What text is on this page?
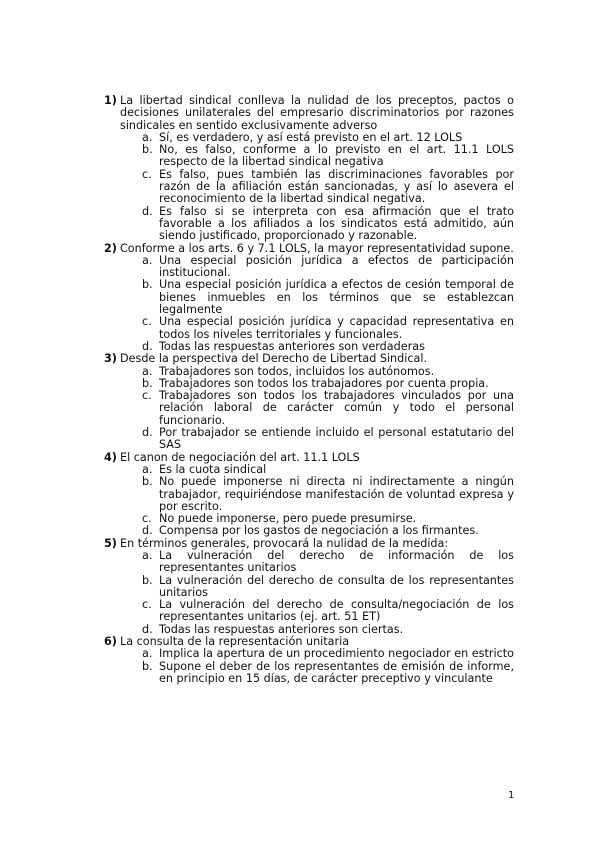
1) La libertad sindical conlleva la nulidad de los preceptos, pactos o decisiones unilaterales del empresario discriminatorios por razones sindicales en sentido exclusivamente adverso
a. Sí, es verdadero, y así está previsto en el art. 12 LOLS
b. No, es falso, conforme a lo previsto en el art. 11.1 LOLS respecto de la libertad sindical negativa
c. Es falso, pues también las discriminaciones favorables por razón de la afiliación están sancionadas, y así lo asevera el reconocimiento de la libertad sindical negativa.
d. Es falso si se interpreta con esa afirmación que el trato favorable a los afiliados a los sindicatos está admitido, aún siendo justificado, proporcionado y razonable.
2) Conforme a los arts. 6 y 7.1 LOLS, la mayor representatividad supone.
a. Una especial posición jurídica a efectos de participación institucional.
b. Una especial posición jurídica a efectos de cesión temporal de bienes inmuebles en los términos que se establezcan legalmente
c. Una especial posición jurídica y capacidad representativa en todos los niveles territoriales y funcionales.
d. Todas las respuestas anteriores son verdaderas
3) Desde la perspectiva del Derecho de Libertad Sindical.
a. Trabajadores son todos, incluidos los autónomos.
b. Trabajadores son todos los trabajadores por cuenta propia.
c. Trabajadores son todos los trabajadores vinculados por una relación laboral de carácter común y todo el personal funcionario.
d. Por trabajador se entiende incluido el personal estatutario del SAS
4) El canon de negociación del art. 11.1 LOLS
a. Es la cuota sindical
b. No puede imponerse ni directa ni indirectamente a ningún trabajador, requiriéndose manifestación de voluntad expresa y por escrito.
c. No puede imponerse, pero puede presumirse.
d. Compensa por los gastos de negociación a los firmantes.
5) En términos generales, provocará la nulidad de la medida:
a. La vulneración del derecho de información de los representantes unitarios
b. La vulneración del derecho de consulta de los representantes unitarios
c. La vulneración del derecho de consulta/negociación de los representantes unitarios (ej. art. 51 ET)
d. Todas las respuestas anteriores son ciertas.
6) La consulta de la representación unitaria
a. Implica la apertura de un procedimiento negociador en estricto
b. Supone el deber de los representantes de emisión de informe, en principio en 15 días, de carácter preceptivo y vinculante
1
